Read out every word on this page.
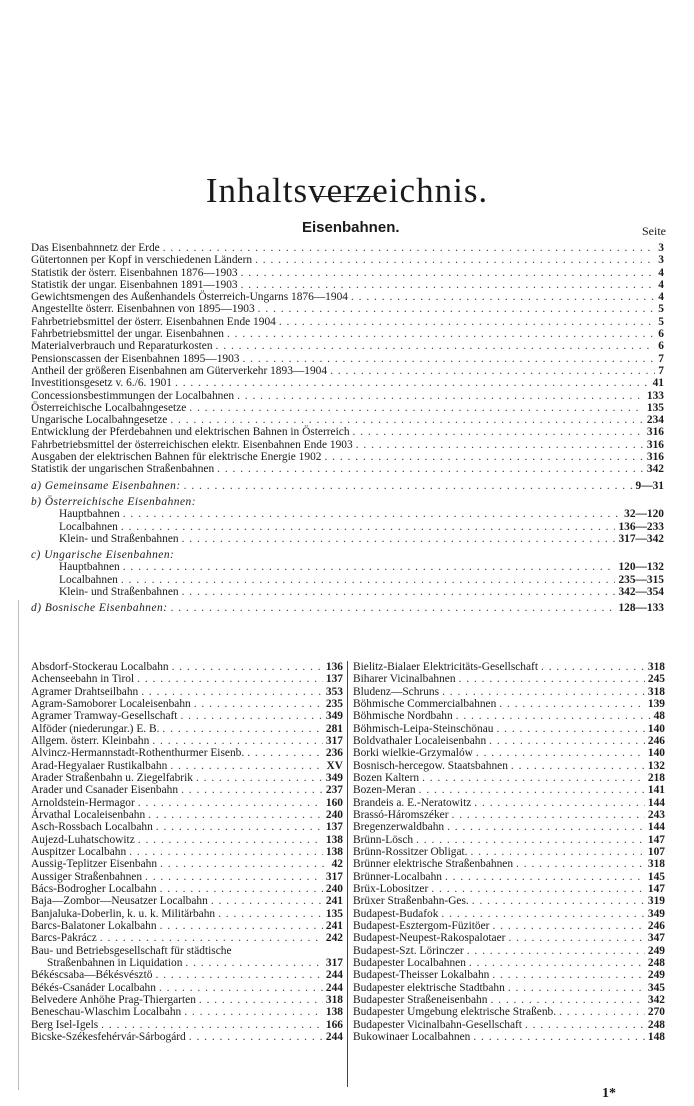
Inhaltsverzeichnis.
Eisenbahnen.	Seite
Das Eisenbahnnetz der Erde . . .	3
Gütertonnen per Kopf in verschiedenen Ländern . . .	3
Statistik der österr. Eisenbahnen 1876—1903 . . .	4
Statistik der ungar. Eisenbahnen 1891—1903 . . .	4
Gewichtsmengen des Außenhandels Österreich-Ungarns 1876—1904 . . .	4
Angestellte österr. Eisenbahnen von 1895—1903 . . .	5
Fahrbetriebsmittel der österr. Eisenbahnen Ende 1904 . . .	5
Fahrbetriebsmittel der ungar. Eisenbahnen . . .	6
Materialverbrauch und Reparaturkosten . . .	6
Pensionscassen der Eisenbahnen 1895—1903 . . .	7
Antheil der größeren Eisenbahnen am Güterverkehr 1893—1904 . . .	7
Investitionsgesetz v. 6./6. 1901 . . .	41
Concessionsbestimmungen der Localbahnen . . .	133
Österreichische Localbahngesetze . . .	135
Ungarische Localbahngesetze . . .	234
Entwicklung der Pferdebahnen und elektrischen Bahnen in Österreich . . .	316
Fahrbetriebsmittel der österreichischen elektr. Eisenbahnen Ende 1903 . . .	316
Ausgaben der elektrischen Bahnen für elektrische Energie 1902 . . .	316
Statistik der ungarischen Straßenbahnen . . .	342
a) Gemeinsame Eisenbahnen: . . .	9—31
b) Österreichische Eisenbahnen:
Hauptbahnen . . .	32—120
Localbahnen . . .	136—233
Klein- und Straßenbahnen . . .	317—342
c) Ungarische Eisenbahnen:
Hauptbahnen . . .	120—132
Localbahnen . . .	235—315
Klein- und Straßenbahnen . . .	342—354
d) Bosnische Eisenbahnen: . . .	128—133
Absdorf-Stockerau Localbahn . . .	136
Achenseebahn in Tirol . . .	137
Agramer Drahtseilbahn . . .	353
Agram-Samoborer Localeisenbahn . . .	235
Agramer Tramway-Gesellschaft . . .	349
Alföder (niederungar.) E. B. . . .	281
Allgem. österr. Kleinbahn . . .	317
Alvincz-Hermannstadt-Rothenthurmer Eisenb. . . .	236
Arad-Hegyalaer Rustikalbahn . . .	XV
Arader Straßenbahn u. Ziegelfabrik . . .	349
Arader und Csanader Eisenbahn . . .	237
Arnoldstein-Hermagor . . .	160
Árvathal Localeisenbahn . . .	240
Asch-Rossbach Localbahn . . .	137
Aujezd-Luhatschowitz . . .	138
Auspitzer Localbahn . . .	138
Aussig-Teplitzer Eisenbahn . . .	42
Aussiger Straßenbahnen . . .	317
Bács-Bodrogher Localbahn . . .	240
Baja—Zombor—Neusatzer Localbahn . . .	241
Banjaluka-Doberlin, k. u. k. Militärbahn . . .	135
Barcs-Balatoner Lokalbahn . . .	241
Barcs-Pakrácz . . .	242
Bau- und Betriebsgesellschaft für städtische
Straßenbahnen in Liquidation . . .	317
Békéscsaba—Békésvésztö . . .	244
Békés-Csanáder Localbahn . . .	244
Belvedere Anhöhe Prag-Thiergarten . . .	318
Beneschau-Wlaschim Localbahn . . .	138
Berg Isel-Igels . . .	166
Bicske-Székesfehérvár-Sárbogárd . . .	244
Bielitz-Bialaer Elektricitäts-Gesellschaft . . .	318
Biharer Vicinalbahnen . . .	245
Bludenz—Schruns . . .	318
Böhmische Commercialbahnen . . .	139
Böhmische Nordbahn . . .	48
Böhmisch-Leipa-Steinschönau . . .	140
Boldvathaler Localeisenbahn . . .	246
Borki wielkie-Grzymalów . . .	140
Bosnisch-hercegow. Staatsbahnen . . .	132
Bozen Kaltern . . .	218
Bozen-Meran . . .	141
Brandeis a. E.-Neratowitz . . .	144
Brassó-Háromszéker . . .	243
Bregenzerwaldbahn . . .	144
Brünn-Lösch . . .	147
Brünn-Rossitzer Obligat. . . .	107
Brünner elektrische Straßenbahnen . . .	318
Brünner-Localbahn . . .	145
Brüx-Lobositzer . . .	147
Brüxer Straßenbahn-Ges. . . .	319
Budapest-Budafok . . .	349
Budapest-Esztergom-Füzitöer . . .	246
Budapest-Neupest-Rakospalotaer . . .	347
Budapest-Szt. Lörinczer . . .	249
Budapester Localbahnen . . .	248
Budapest-Theisser Lokalbahn . . .	249
Budapester elektrische Stadtbahn . . .	345
Budapester Straßeneisenbahn . . .	342
Budapester Umgebung elektrische Straßenb. . . .	270
Budapester Vicinalbahn-Gesellschaft . . .	248
Bukowinaer Localbahnen . . .	148
1*
